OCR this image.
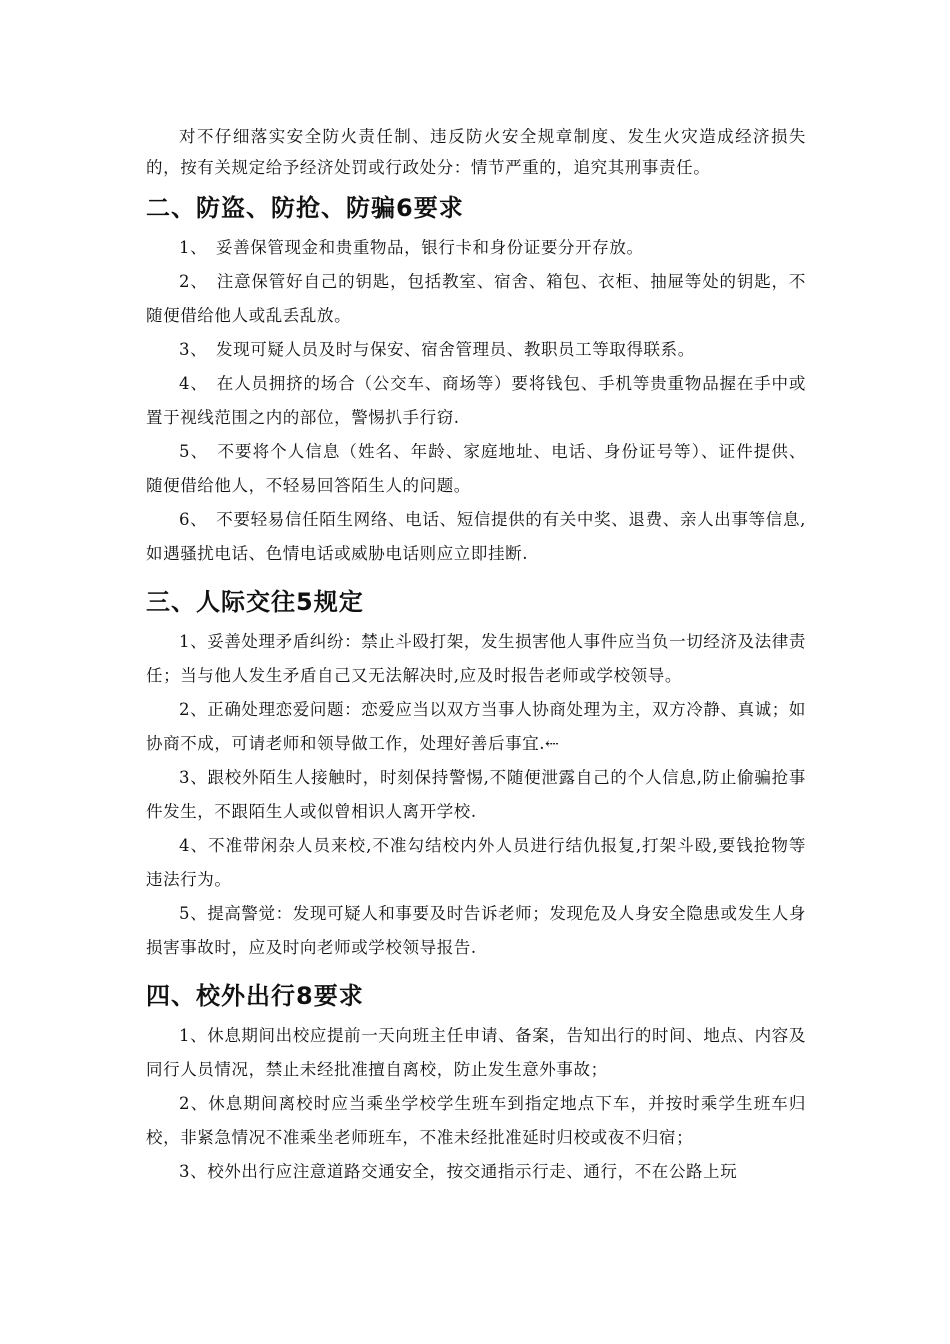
对不仔细落实安全防火责任制、违反防火安全规章制度、发生火灾造成经济损失的，按有关规定给予经济处罚或行政处分：情节严重的，追究其刑事责任。

二、防盗、防抢、防骗6要求

1、　妥善保管现金和贵重物品，银行卡和身份证要分开存放。

2、　注意保管好自己的钥匙，包括教室、宿舍、箱包、衣柜、抽屉等处的钥匙，不随便借给他人或乱丢乱放。

3、　发现可疑人员及时与保安、宿舍管理员、教职员工等取得联系。

4、　在人员拥挤的场合（公交车、商场等）要将钱包、手机等贵重物品握在手中或置于视线范围之内的部位，警惕扒手行窃.

5、　不要将个人信息（姓名、年龄、家庭地址、电话、身份证号等）、证件提供、随便借给他人，不轻易回答陌生人的问题。

6、　不要轻易信任陌生网络、电话、短信提供的有关中奖、退费、亲人出事等信息,如遇骚扰电话、色情电话或威胁电话则应立即挂断.

三、人际交往5规定

1、妥善处理矛盾纠纷：禁止斗殴打架，发生损害他人事件应当负一切经济及法律责任；当与他人发生矛盾自己又无法解决时,应及时报告老师或学校领导。

2、正确处理恋爱问题：恋爱应当以双方当事人协商处理为主，双方冷静、真诚；如协商不成，可请老师和领导做工作，处理好善后事宜.⇠

3、跟校外陌生人接触时，时刻保持警惕,不随便泄露自己的个人信息,防止偷骗抢事件发生，不跟陌生人或似曾相识人离开学校.

4、不准带闲杂人员来校,不准勾结校内外人员进行结仇报复,打架斗殴,要钱抢物等违法行为。

5、提高警觉：发现可疑人和事要及时告诉老师；发现危及人身安全隐患或发生人身损害事故时，应及时向老师或学校领导报告.

四、校外出行8要求

1、休息期间出校应提前一天向班主任申请、备案，告知出行的时间、地点、内容及同行人员情况，禁止未经批准擅自离校，防止发生意外事故；

2、休息期间离校时应当乘坐学校学生班车到指定地点下车，并按时乘学生班车归校，非紧急情况不准乘坐老师班车，不准未经批准延时归校或夜不归宿；

3、校外出行应注意道路交通安全，按交通指示行走、通行，不在公路上玩
